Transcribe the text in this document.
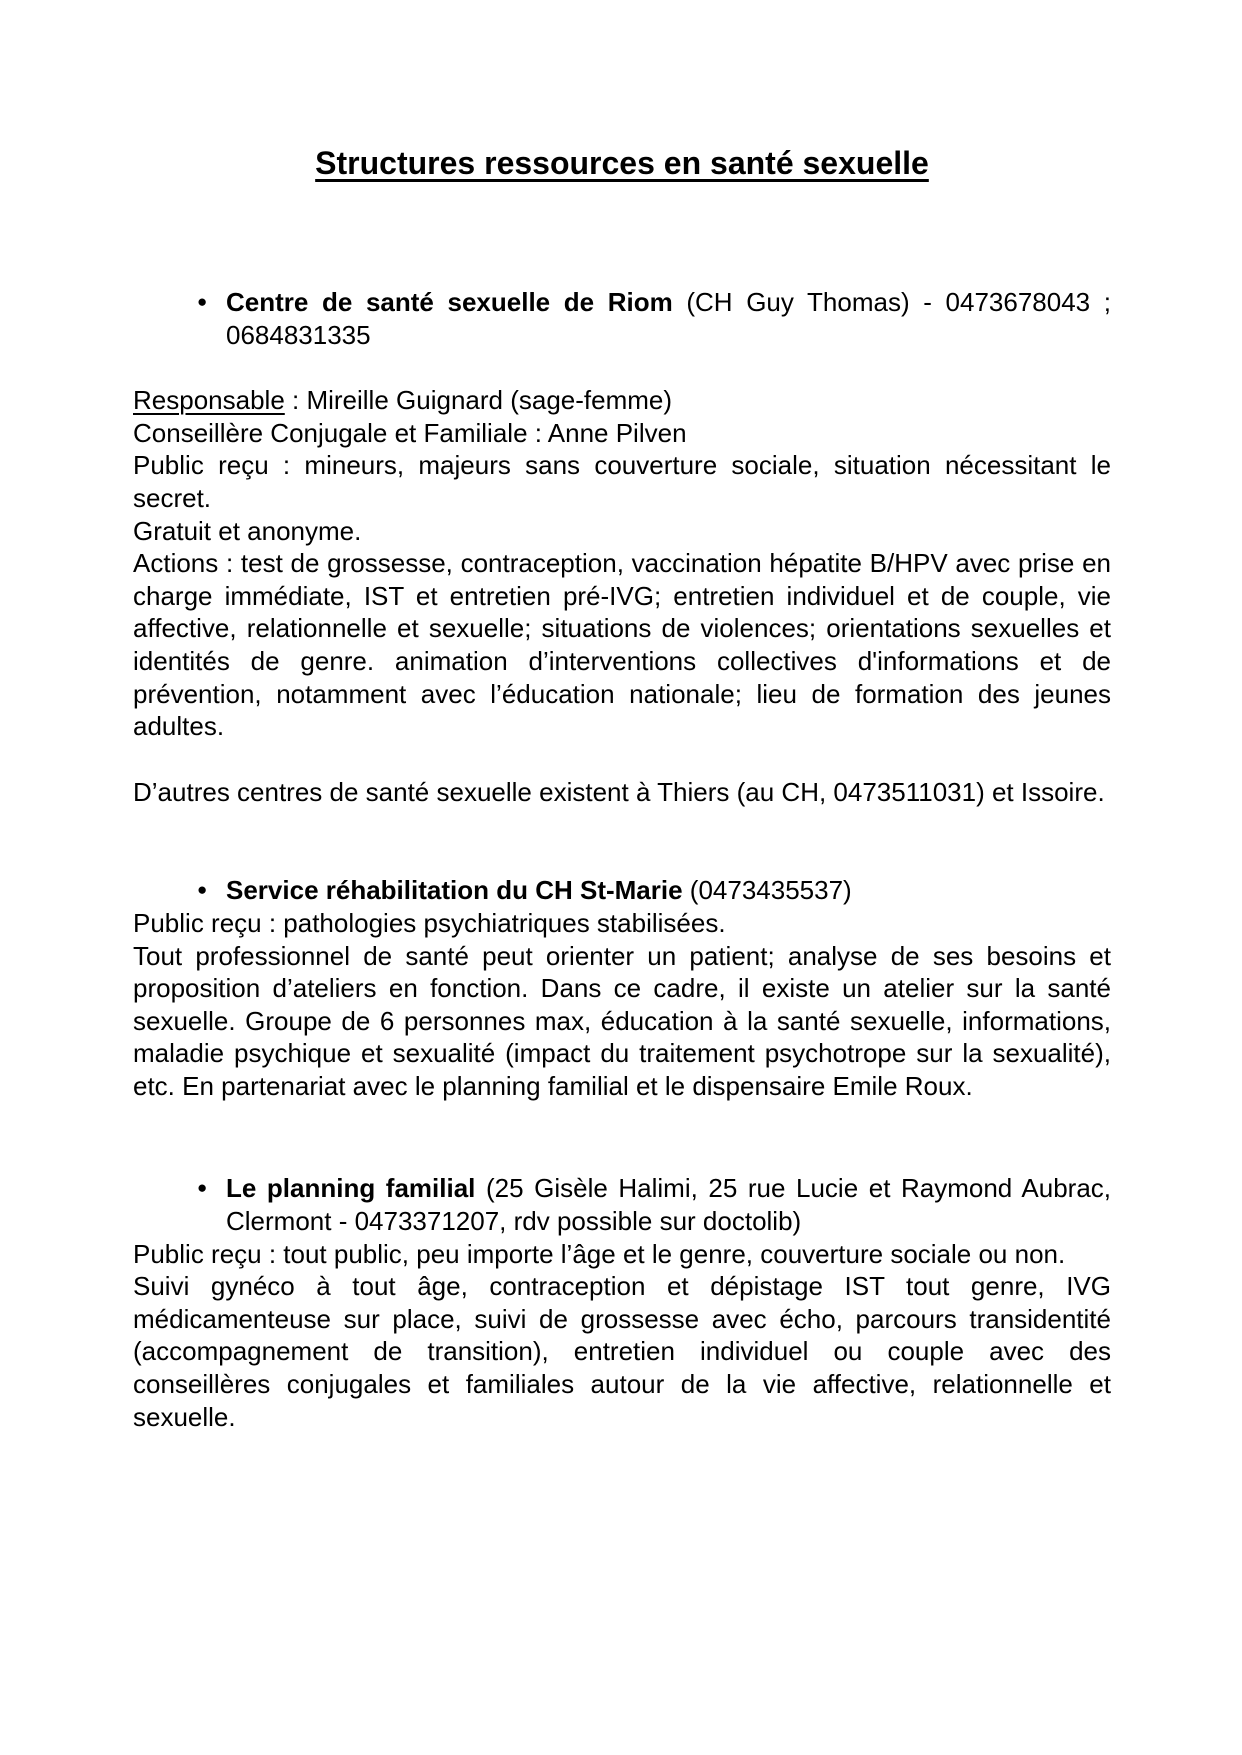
Structures ressources en santé sexuelle
● Centre de santé sexuelle de Riom (CH Guy Thomas) - 0473678043 ; 0684831335

Responsable : Mireille Guignard (sage-femme)

Conseillère Conjugale et Familiale : Anne Pilven

Public reçu : mineurs, majeurs sans couverture sociale, situation nécessitant le secret.

Gratuit et anonyme.

Actions : test de grossesse, contraception, vaccination hépatite B/HPV avec prise en charge immédiate, IST et entretien pré-IVG; entretien individuel et de couple, vie affective, relationnelle et sexuelle; situations de violences; orientations sexuelles et identités de genre. animation d’interventions collectives d'informations et de prévention, notamment avec l’éducation nationale; lieu de formation des jeunes adultes.

D’autres centres de santé sexuelle existent à Thiers (au CH, 0473511031) et Issoire.

● Service réhabilitation du CH St-Marie (0473435537)

Public reçu : pathologies psychiatriques stabilisées.

Tout professionnel de santé peut orienter un patient; analyse de ses besoins et proposition d’ateliers en fonction. Dans ce cadre, il existe un atelier sur la santé sexuelle. Groupe de 6 personnes max, éducation à la santé sexuelle, informations, maladie psychique et sexualité (impact du traitement psychotrope sur la sexualité), etc. En partenariat avec le planning familial et le dispensaire Emile Roux.

● Le planning familial (25 Gisèle Halimi, 25 rue Lucie et Raymond Aubrac, Clermont - 0473371207, rdv possible sur doctolib)

Public reçu : tout public, peu importe l’âge et le genre, couverture sociale ou non.

Suivi gynéco à tout âge, contraception et dépistage IST tout genre, IVG médicamenteuse sur place, suivi de grossesse avec écho, parcours transidentité (accompagnement de transition), entretien individuel ou couple avec des conseillères conjugales et familiales autour de la vie affective, relationnelle et sexuelle.
